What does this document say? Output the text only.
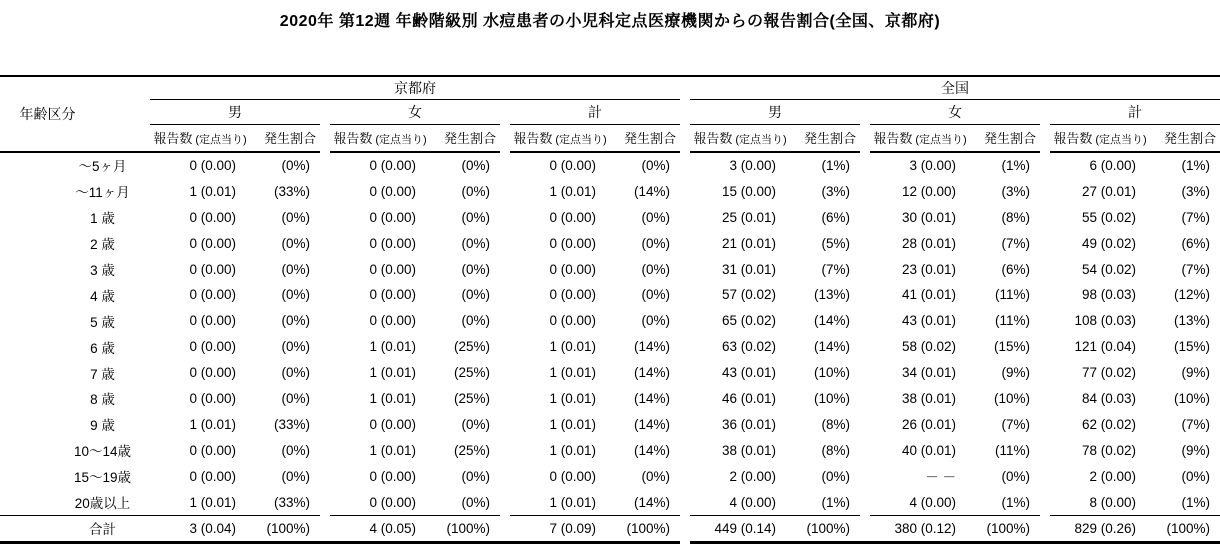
2020年 第12週 年齢階級別 水痘患者の小児科定点医療機関からの報告割合(全国、京都府)
年齢区分	京都府									全国							
	男			女			計			男			女			計	
	報告数 (定点当り)	発生割合		報告数 (定点当り)	発生割合		報告数 (定点当り)	発生割合		報告数 (定点当り)	発生割合		報告数 (定点当り)	発生割合		報告数 (定点当り)	発生割合
～5ヶ月	0 (0.00)	(0%)		0 (0.00)	(0%)		0 (0.00)	(0%)		3 (0.00)	(1%)		3 (0.00)	(1%)		6 (0.00)	(1%)
～11ヶ月	1 (0.01)	(33%)		0 (0.00)	(0%)		1 (0.01)	(14%)		15 (0.00)	(3%)		12 (0.00)	(3%)		27 (0.01)	(3%)
1 歳	0 (0.00)	(0%)		0 (0.00)	(0%)		0 (0.00)	(0%)		25 (0.01)	(6%)		30 (0.01)	(8%)		55 (0.02)	(7%)
2 歳	0 (0.00)	(0%)		0 (0.00)	(0%)		0 (0.00)	(0%)		21 (0.01)	(5%)		28 (0.01)	(7%)		49 (0.02)	(6%)
3 歳	0 (0.00)	(0%)		0 (0.00)	(0%)		0 (0.00)	(0%)		31 (0.01)	(7%)		23 (0.01)	(6%)		54 (0.02)	(7%)
4 歳	0 (0.00)	(0%)		0 (0.00)	(0%)		0 (0.00)	(0%)		57 (0.02)	(13%)		41 (0.01)	(11%)		98 (0.03)	(12%)
5 歳	0 (0.00)	(0%)		0 (0.00)	(0%)		0 (0.00)	(0%)		65 (0.02)	(14%)		43 (0.01)	(11%)		108 (0.03)	(13%)
6 歳	0 (0.00)	(0%)		1 (0.01)	(25%)		1 (0.01)	(14%)		63 (0.02)	(14%)		58 (0.02)	(15%)		121 (0.04)	(15%)
7 歳	0 (0.00)	(0%)		1 (0.01)	(25%)		1 (0.01)	(14%)		43 (0.01)	(10%)		34 (0.01)	(9%)		77 (0.02)	(9%)
8 歳	0 (0.00)	(0%)		1 (0.01)	(25%)		1 (0.01)	(14%)		46 (0.01)	(10%)		38 (0.01)	(10%)		84 (0.03)	(10%)
9 歳	1 (0.01)	(33%)		0 (0.00)	(0%)		1 (0.01)	(14%)		36 (0.01)	(8%)		26 (0.01)	(7%)		62 (0.02)	(7%)
10～14歳	0 (0.00)	(0%)		1 (0.01)	(25%)		1 (0.01)	(14%)		38 (0.01)	(8%)		40 (0.01)	(11%)		78 (0.02)	(9%)
15～19歳	0 (0.00)	(0%)		0 (0.00)	(0%)		0 (0.00)	(0%)		2 (0.00)	(0%)		－ －	(0%)		2 (0.00)	(0%)
20歳以上	1 (0.01)	(33%)		0 (0.00)	(0%)		1 (0.01)	(14%)		4 (0.00)	(1%)		4 (0.00)	(1%)		8 (0.00)	(1%)
合計	3 (0.04)	(100%)		4 (0.05)	(100%)		7 (0.09)	(100%)		449 (0.14)	(100%)		380 (0.12)	(100%)		829 (0.26)	(100%)
